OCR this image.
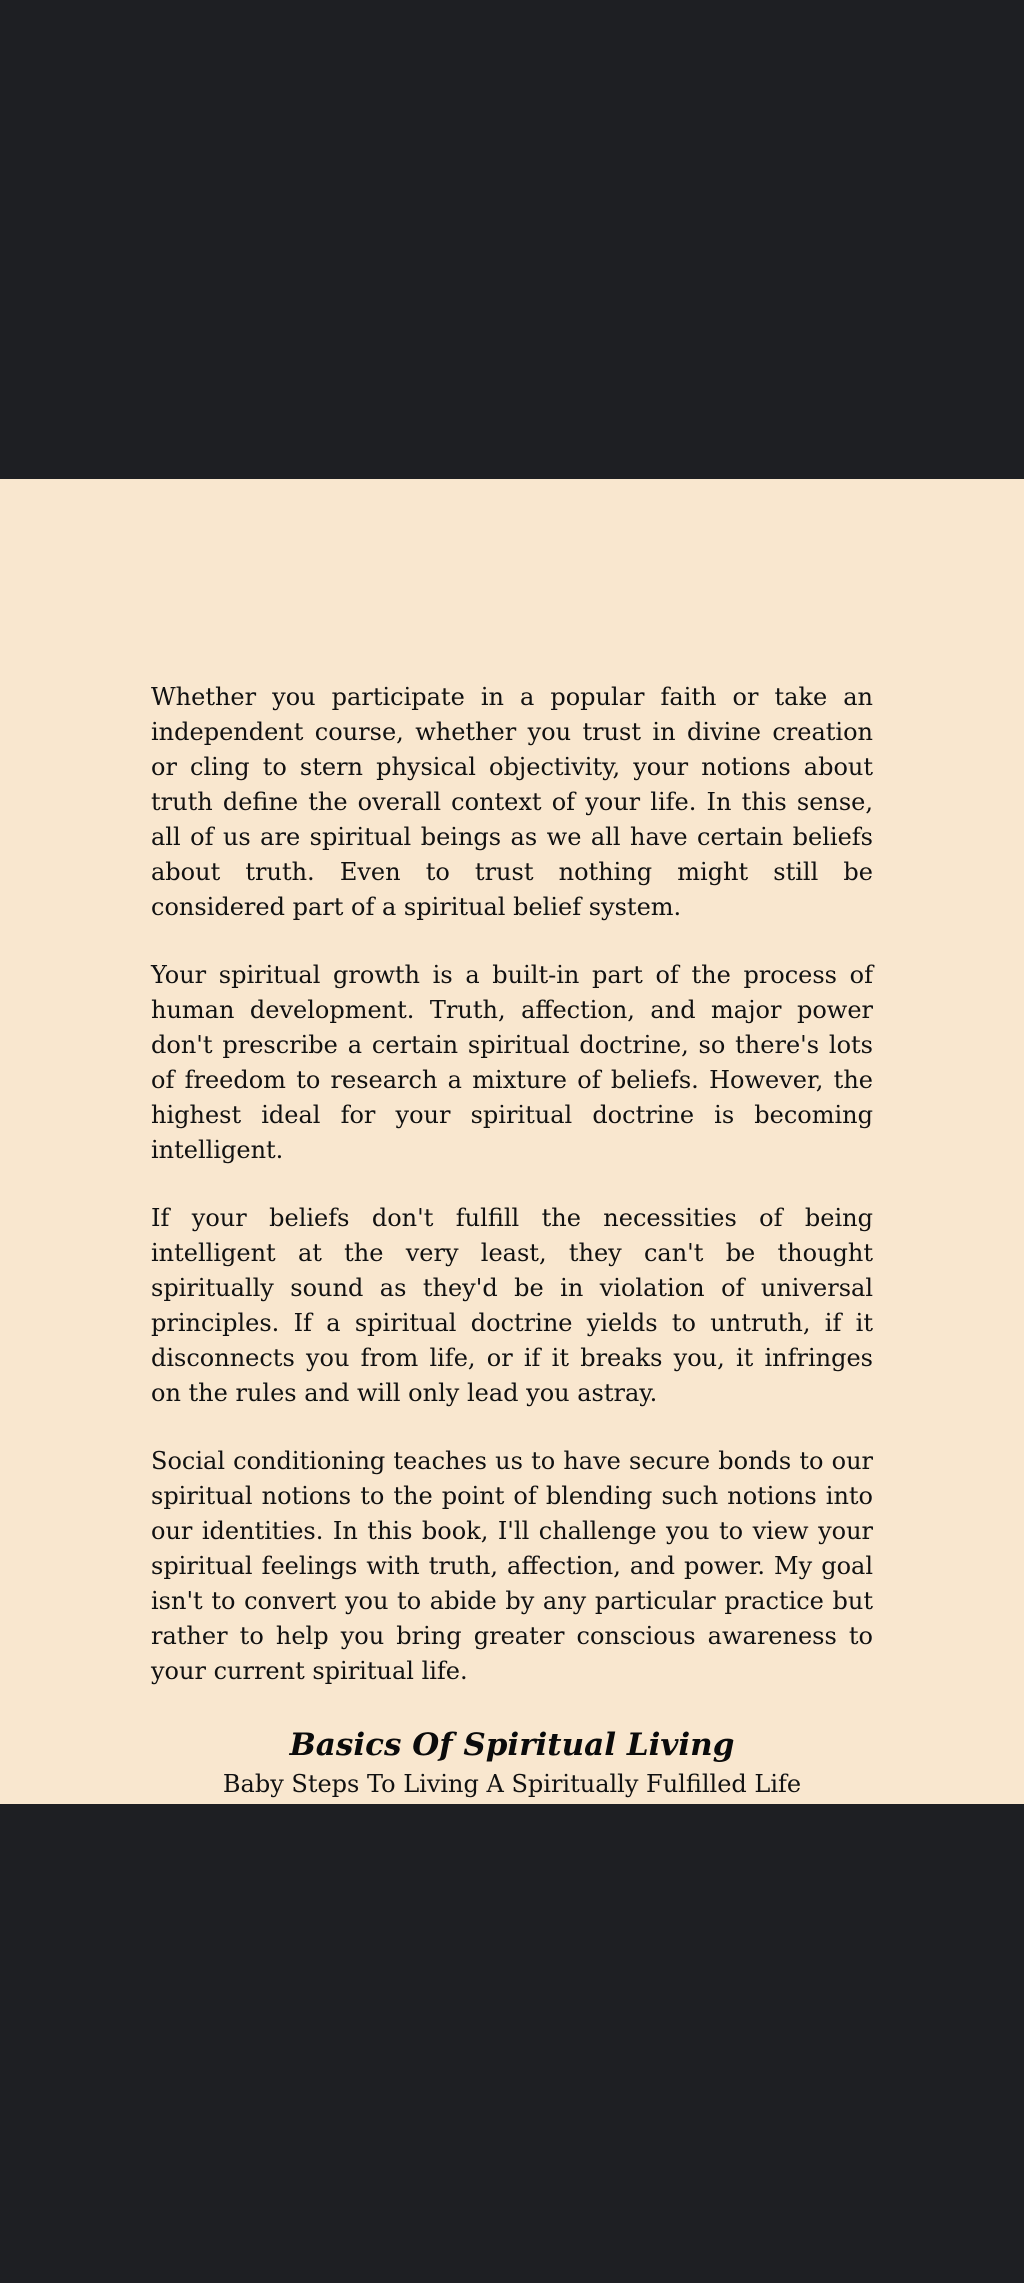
Whether you participate in a popular faith or take an independent course, whether you trust in divine creation or cling to stern physical objectivity, your notions about truth define the overall context of your life. In this sense, all of us are spiritual beings as we all have certain beliefs about truth. Even to trust nothing might still be considered part of a spiritual belief system.

Your spiritual growth is a built-in part of the process of human development. Truth, affection, and major power don't prescribe a certain spiritual doctrine, so there's lots of freedom to research a mixture of beliefs. However, the highest ideal for your spiritual doctrine is becoming intelligent.

If your beliefs don't fulfill the necessities of being intelligent at the very least, they can't be thought spiritually sound as they'd be in violation of universal principles. If a spiritual doctrine yields to untruth, if it disconnects you from life, or if it breaks you, it infringes on the rules and will only lead you astray.

Social conditioning teaches us to have secure bonds to our spiritual notions to the point of blending such notions into our identities. In this book, I'll challenge you to view your spiritual feelings with truth, affection, and power. My goal isn't to convert you to abide by any particular practice but rather to help you bring greater conscious awareness to your current spiritual life.

Basics Of Spiritual Living
Baby Steps To Living A Spiritually Fulfilled Life
